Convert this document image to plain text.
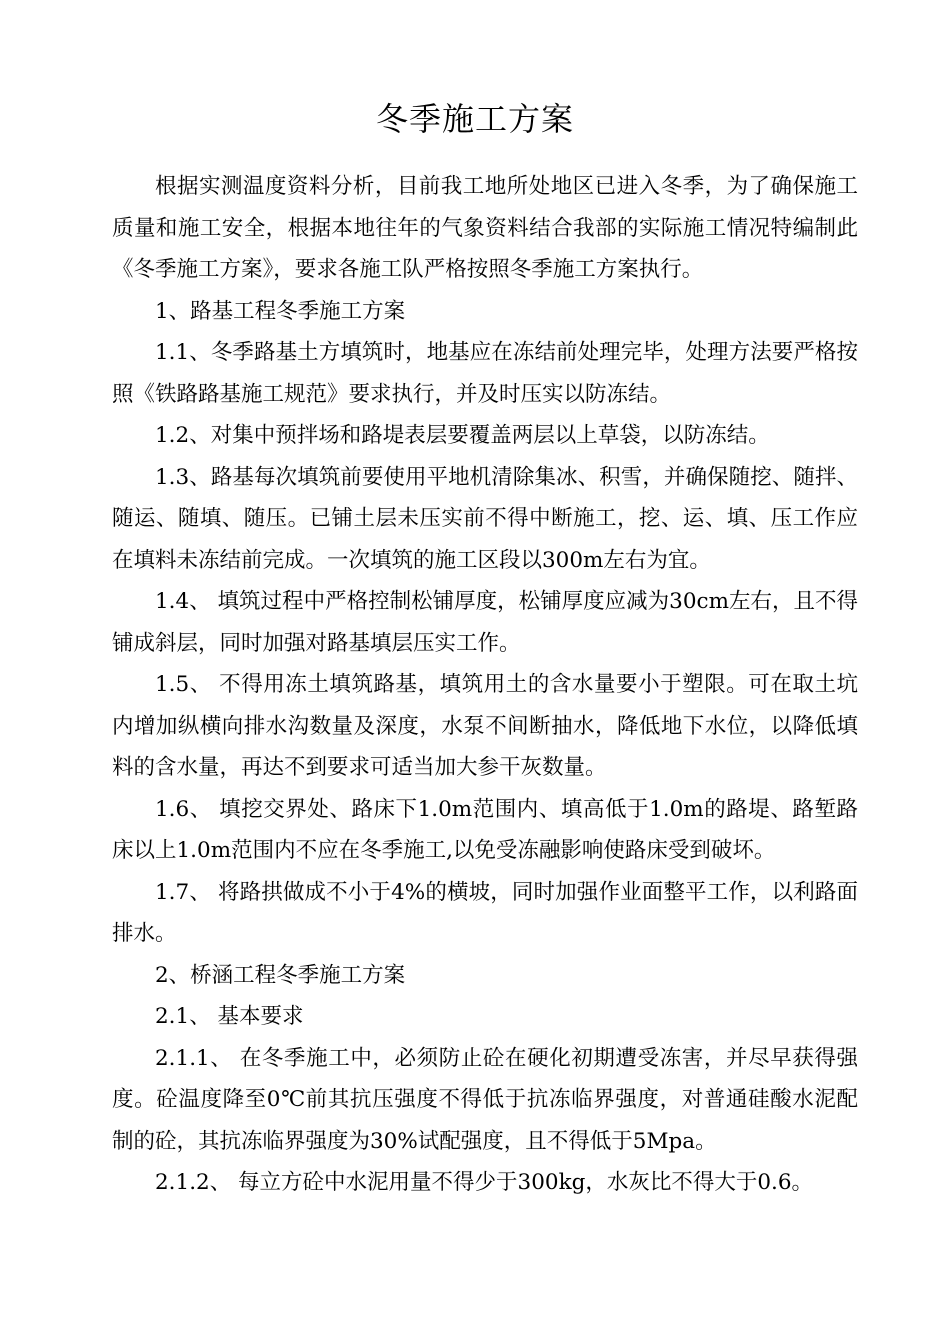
冬季施工方案

根据实测温度资料分析，目前我工地所处地区已进入冬季，为了确保施工质量和施工安全，根据本地往年的气象资料结合我部的实际施工情况特编制此《冬季施工方案》，要求各施工队严格按照冬季施工方案执行。

1、路基工程冬季施工方案

1.1、冬季路基土方填筑时，地基应在冻结前处理完毕，处理方法要严格按照《铁路路基施工规范》要求执行，并及时压实以防冻结。

1.2、对集中预拌场和路堤表层要覆盖两层以上草袋，以防冻结。

1.3、路基每次填筑前要使用平地机清除集冰、积雪，并确保随挖、随拌、随运、随填、随压。已铺土层未压实前不得中断施工，挖、运、填、压工作应在填料未冻结前完成。一次填筑的施工区段以300m左右为宜。

1.4、 填筑过程中严格控制松铺厚度，松铺厚度应减为30cm左右，且不得铺成斜层，同时加强对路基填层压实工作。

1.5、 不得用冻土填筑路基，填筑用土的含水量要小于塑限。可在取土坑内增加纵横向排水沟数量及深度，水泵不间断抽水，降低地下水位，以降低填料的含水量，再达不到要求可适当加大参干灰数量。

1.6、 填挖交界处、路床下1.0m范围内、填高低于1.0m的路堤、路堑路床以上1.0m范围内不应在冬季施工,以免受冻融影响使路床受到破坏。

1.7、 将路拱做成不小于4%的横坡，同时加强作业面整平工作，以利路面排水。

2、桥涵工程冬季施工方案

2.1、 基本要求

2.1.1、 在冬季施工中，必须防止砼在硬化初期遭受冻害，并尽早获得强度。砼温度降至0℃前其抗压强度不得低于抗冻临界强度，对普通硅酸水泥配制的砼，其抗冻临界强度为30%试配强度，且不得低于5Mpa。

2.1.2、 每立方砼中水泥用量不得少于300kg，水灰比不得大于0.6。
